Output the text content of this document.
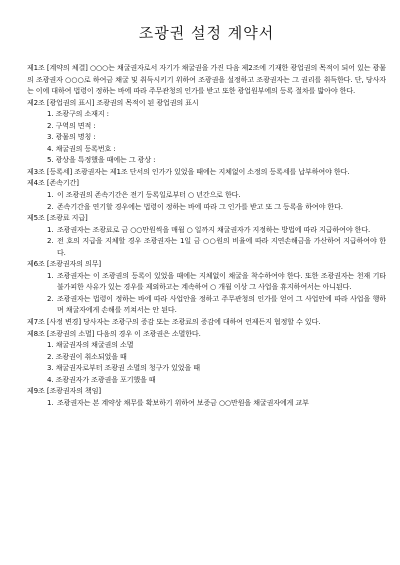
조광권 설정 계약서

제1조 [계약의 체결] ○○○는 채굴권자로서 자기가 채굴권을 가진 다음 제2조에 기재한 광업권의 목적이 되어 있는 광물의 조광권자 ○○○로 하여금 채굴 및 취득시키기 위하여 조광권을 설정하고 조광권자는 그 권리를 취득한다. 단, 당사자는 이에 대하여 법령이 정하는 바에 따라 주무관청의 인가를 받고 또한 광업원부에의 등록 절차를 밟아야 한다.

제2조 [광업권의 표시] 조광권의 목적이 된 광업권의 표시

1. 조광구의 소재지 :

2. 구역의 면적 :

3. 광물의 명칭 :

4. 채굴권의 등록번호 :

5. 광상을 특정했을 때에는 그 광상 :

제3조 [등록세] 조광권자는 제1조 단서의 인가가 있었을 때에는 지체없이 소정의 등록세를 납부하여야 한다.

제4조 [존속기간]

1. 이 조광권의 존속기간은 전기 등록일로부터 ○ 년간으로 한다.
2. 존속기간을 연기할 경우에는 법령이 정하는 바에 따라 그 인가를 받고 또 그 등록을 하여야 한다.

제5조 [조광료 지급]

1. 조광권자는 조광료로 금 ○○만원씩을 매월 ○ 일까지 채굴권자가 지정하는 방법에 따라 지급하여야 한다.
2. 전 호의 지급을 지체할 경우 조광권자는 1일 금 ○○원의 비율에 따라 지연손해금을 가산하여 지급하여야 한다.

제6조 [조광권자의 의무]

1. 조광권자는 이 조광권의 등록이 있었을 때에는 지체없이 채굴을 착수하여야 한다. 또한 조광권자는 천재 기타 불가피한 사유가 있는 경우를 제외하고는 계속하여 ○ 개월 이상 그 사업을 휴지하여서는 아니된다.
2. 조광권자는 법령이 정하는 바에 따라 사업안을 정하고 주무관청의 인가를 얻어 그 사업안에 따라 사업을 행하며 채굴자에게 손해를 끼쳐서는 안 된다.

제7조 [사정 변경] 당사자는 조광구의 증감 또는 조광료의 증감에 대하여 언제든지 협정할 수 있다.

제8조 [조광권의 소멸] 다음의 경우 이 조광권은 소멸한다.

1. 채굴권자의 채굴권의 소멸

2. 조광권이 취소되었을 때

3. 채굴권자로부터 조광권 소멸의 청구가 있었을 때

4. 조광권자가 조광권을 포기했을 때

제9조 [조광권자의 책임]

1. 조광권자는 본 계약상 채무를 확보하기 위하여 보증금 ○○만원을 채굴권자에게 교부
